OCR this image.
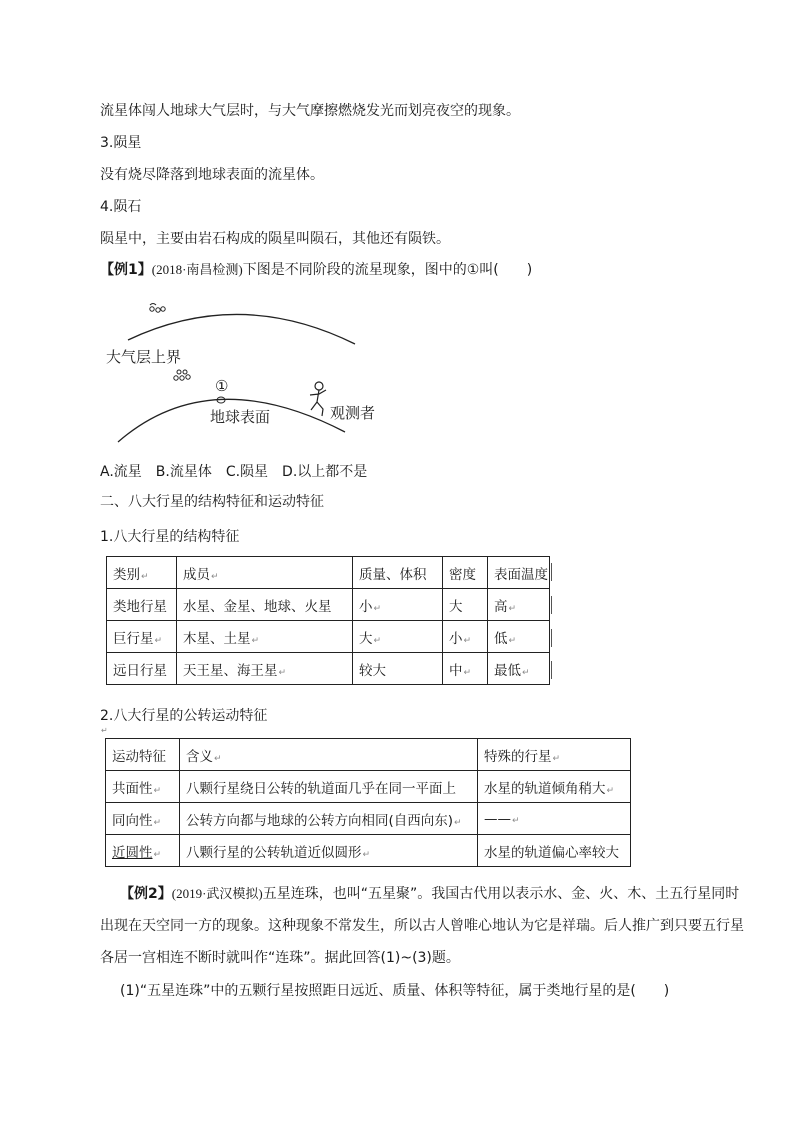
流星体闯人地球大气层时，与大气摩擦燃烧发光而划亮夜空的现象。
3.陨星
没有烧尽降落到地球表面的流星体。
4.陨石
陨星中，主要由岩石构成的陨星叫陨石，其他还有陨铁。
【例1】(2018·南昌检测)下图是不同阶段的流星现象，图中的①叫(　　)
大气层上界
①
地球表面	观测者
A.流星　B.流星体　C.陨星　D.以上都不是
二、八大行星的结构特征和运动特征
1.八大行星的结构特征
类别↵	成员↵	质量、体积	密度	表面温度
类地行星	水星、金星、地球、火星	小↵	大	高↵
巨行星↵	木星、土星↵	大↵	小↵	低↵
远日行星	天王星、海王星↵	较大	中↵	最低↵
2.八大行星的公转运动特征
↵
运动特征	含义↵	特殊的行星↵
共面性↵	八颗行星绕日公转的轨道面几乎在同一平面上	水星的轨道倾角稍大↵
同向性↵	公转方向都与地球的公转方向相同(自西向东)↵	——↵
近圆性↵	八颗行星的公转轨道近似圆形↵	水星的轨道偏心率较大
【例2】(2019·武汉模拟)五星连珠，也叫“五星聚”。我国古代用以表示水、金、火、木、土五行星同时
出现在天空同一方的现象。这种现象不常发生，所以古人曾唯心地认为它是祥瑞。后人推广到只要五行星
各居一宫相连不断时就叫作“连珠”。据此回答(1)~(3)题。
(1)“五星连珠”中的五颗行星按照距日远近、质量、体积等特征，属于类地行星的是(　　)
